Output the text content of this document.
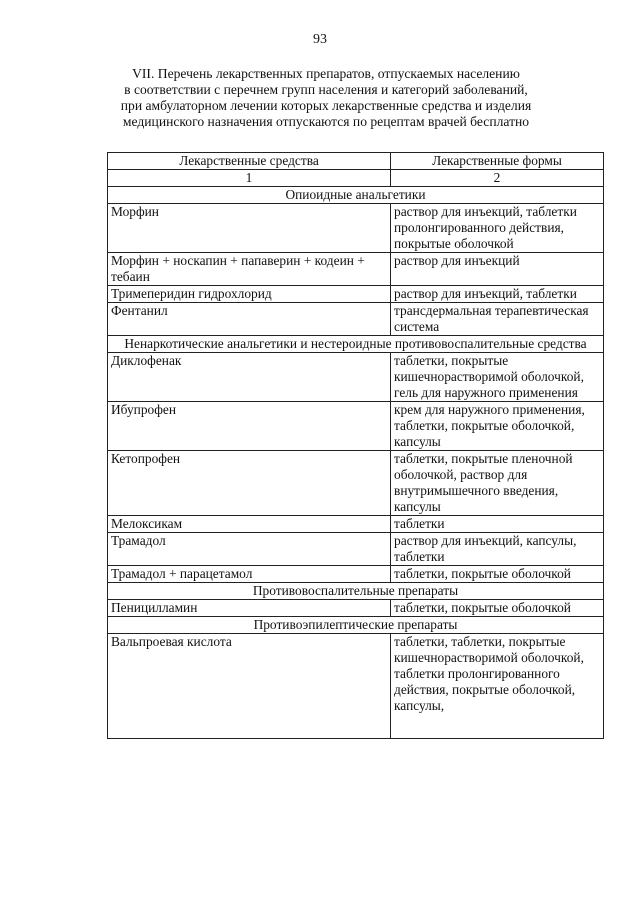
93
VII. Перечень лекарственных препаратов, отпускаемых населению
в соответствии с перечнем групп населения и категорий заболеваний,
при амбулаторном лечении которых лекарственные средства и изделия
медицинского назначения отпускаются по рецептам врачей бесплатно
Лекарственные средства	Лекарственные формы
1	2
Опиоидные анальгетики	
Морфин	раствор для инъекций, таблетки пролонгированного действия, покрытые оболочкой
Морфин + носкапин + папаверин + кодеин + тебаин	раствор для инъекций
Тримеперидин гидрохлорид	раствор для инъекций, таблетки
Фентанил	трансдермальная терапевтическая система
Ненаркотические анальгетики и нестероидные противовоспалительные средства	
Диклофенак	таблетки, покрытые кишечнорастворимой оболочкой, гель для наружного применения
Ибупрофен	крем для наружного применения, таблетки, покрытые оболочкой, капсулы
Кетопрофен	таблетки, покрытые пленочной оболочкой, раствор для внутримышечного введения, капсулы
Мелоксикам	таблетки
Трамадол	раствор для инъекций, капсулы, таблетки
Трамадол + парацетамол	таблетки, покрытые оболочкой
Противовоспалительные препараты	
Пеницилламин	таблетки, покрытые оболочкой
Противоэпилептические препараты	
Вальпроевая кислота	таблетки, таблетки, покрытые кишечнорастворимой оболочкой, таблетки пролонгированного действия, покрытые оболочкой, капсулы,
